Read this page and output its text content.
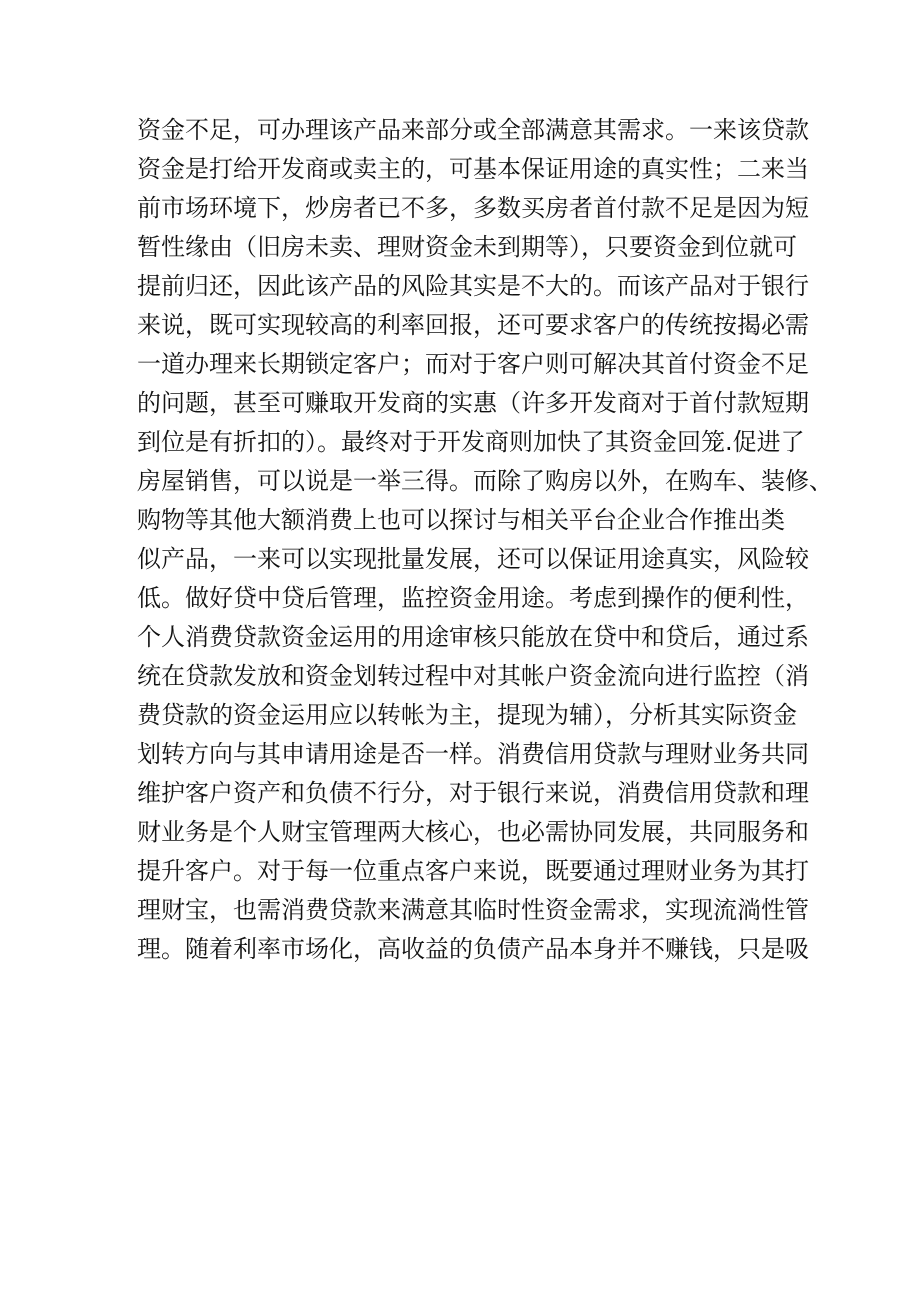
资金不足，可办理该产品来部分或全部满意其需求。一来该贷款
资金是打给开发商或卖主的，可基本保证用途的真实性；二来当
前市场环境下，炒房者已不多，多数买房者首付款不足是因为短
暂性缘由（旧房未卖、理财资金未到期等），只要资金到位就可
提前归还，因此该产品的风险其实是不大的。而该产品对于银行
来说，既可实现较高的利率回报，还可要求客户的传统按揭必需
一道办理来长期锁定客户；而对于客户则可解决其首付资金不足
的问题，甚至可赚取开发商的实惠（许多开发商对于首付款短期
到位是有折扣的）。最终对于开发商则加快了其资金回笼.促进了
房屋销售，可以说是一举三得。而除了购房以外，在购车、装修、
购物等其他大额消费上也可以探讨与相关平台企业合作推出类
似产品，一来可以实现批量发展，还可以保证用途真实，风险较
低。做好贷中贷后管理，监控资金用途。考虑到操作的便利性，
个人消费贷款资金运用的用途审核只能放在贷中和贷后，通过系
统在贷款发放和资金划转过程中对其帐户资金流向进行监控（消
费贷款的资金运用应以转帐为主，提现为辅），分析其实际资金
划转方向与其申请用途是否一样。消费信用贷款与理财业务共同
维护客户资产和负债不行分，对于银行来说，消费信用贷款和理
财业务是个人财宝管理两大核心，也必需协同发展，共同服务和
提升客户。对于每一位重点客户来说，既要通过理财业务为其打
理财宝，也需消费贷款来满意其临时性资金需求，实现流淌性管
理。随着利率市场化，高收益的负债产品本身并不赚钱，只是吸
